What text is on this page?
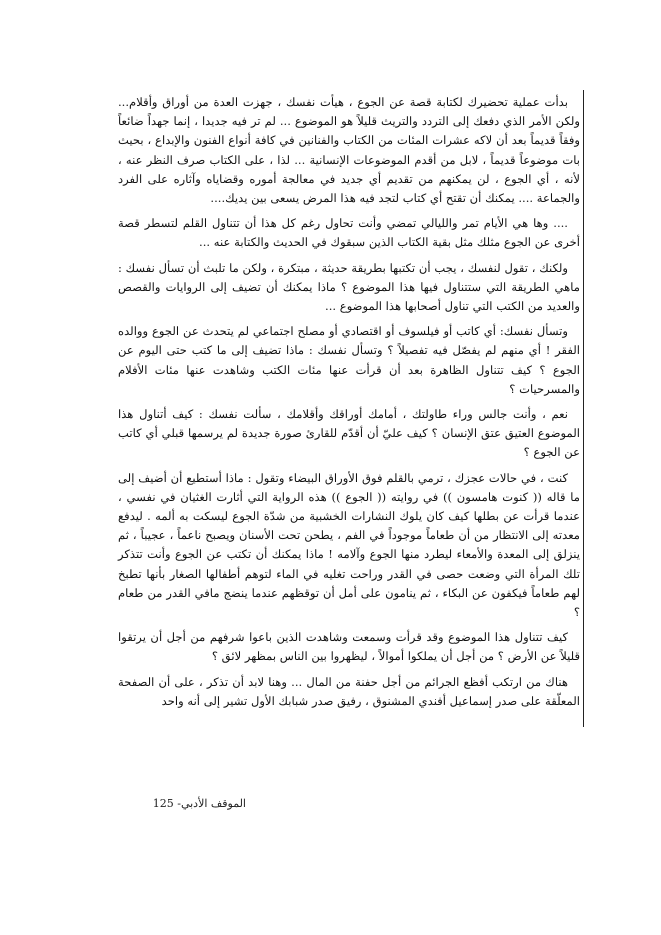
بدأت عملية تحضيرك لكتابة قصة عن الجوع ، هيأت نفسك ، جهزت العدة من أوراق وأقلام... ولكن الأمر الذي دفعك إلى التردد والتريث قليلاً هو الموضوع ... لم تر فيه جديدا ، إنما جهداً ضائعاً وفقاً قديماً بعد أن لاكه عشرات المئات من الكتاب والفنانين في كافة أنواع الفنون والإبداع ، بحيث بات موضوعاً قديماً ، لابل من أقدم الموضوعات الإنسانية ... لذا ، على الكتاب صرف النظر عنه ، لأنه ، أي الجوع ، لن يمكنهم من تقديم أي جديد في معالجة أموره وقضاياه وآثاره على الفرد والجماعة .... يمكنك أن تقتح أي كتاب لتجد فيه هذا المرض يسعى بين يديك....

.... وها هي الأيام تمر والليالي تمضي وأنت تحاول رغم كل هذا أن تتناول القلم لتسطر قصة أخرى عن الجوع مثلك مثل بقية الكتاب الذين سبقوك في الحديث والكتابة عنه ...

ولكنك ، تقول لنفسك ، يجب أن تكتبها بطريقة حديثة ، مبتكرة ، ولكن ما تلبث أن تسأل نفسك : ماهي الطريقة التي ستتناول فيها هذا الموضوع ؟ ماذا يمكنك أن تضيف إلى الروايات والقصص والعديد من الكتب التي تناول أصحابها هذا الموضوع ...

وتسأل نفسك: أي كاتب أو فيلسوف أو اقتصادي أو مصلح اجتماعي لم يتحدث عن الجوع ووالده الفقر ! أي منهم لم يفصّل فيه تفصيلاً ؟ وتسأل نفسك : ماذا تضيف إلى ما كتب حتى اليوم عن الجوع ؟ كيف تتناول الظاهرة بعد أن قرأت عنها مئات الكتب وشاهدت عنها مئات الأفلام والمسرحيات ؟

نعم ، وأنت جالس وراء طاولتك ، أمامك أوراقك وأقلامك ، سألت نفسك : كيف أتناول هذا الموضوع العتيق عتق الإنسان ؟ كيف عليّ أن أقدّم للقارئ صورة جديدة لم يرسمها قبلي أي كاتب عن الجوع ؟

كنت ، في حالات عجزك ، ترمي بالقلم فوق الأوراق البيضاء وتقول : ماذا أستطيع أن أضيف إلى ما قاله (( كنوت هامسون )) في روايته (( الجوع )) هذه الرواية التي أثارت الغثيان في نفسي ، عندما قرأت عن بطلها كيف كان يلوك النشارات الخشبية من شدّة الجوع ليسكت به ألمه . ليدفع معدته إلى الانتظار من أن طعاماً موجوداً في الفم ، يطحن تحت الأسنان ويصبح ناعماً ، عجيباً ، ثم ينزلق إلى المعدة والأمعاء ليطرد منها الجوع وآلامه ! ماذا يمكنك أن تكتب عن الجوع وأنت تتذكر تلك المرأة التي وضعت حصى في القدر وراحت تغليه في الماء لتوهم أطفالها الصغار بأنها تطبخ لهم طعاماً فيكفون عن البكاء ، ثم ينامون على أمل أن توقظهم عندما ينضج مافي القدر من طعام ؟

كيف تتناول هذا الموضوع وقد قرأت وسمعت وشاهدت الذين باعوا شرفهم من أجل أن يرتقوا قليلاً عن الأرض ؟ من أجل أن يملكوا أموالاً ، ليظهروا بين الناس بمظهر لائق ؟

هناك من ارتكب أفظع الجرائم من أجل حفنة من المال ... وهنا لابد أن تذكر ، على أن الصفحة المعلّقة على صدر إسماعيل أفندي المشنوق ، رفيق صدر شبابك الأول تشير إلى أنه واحد

الموقف الأدبي- 125
